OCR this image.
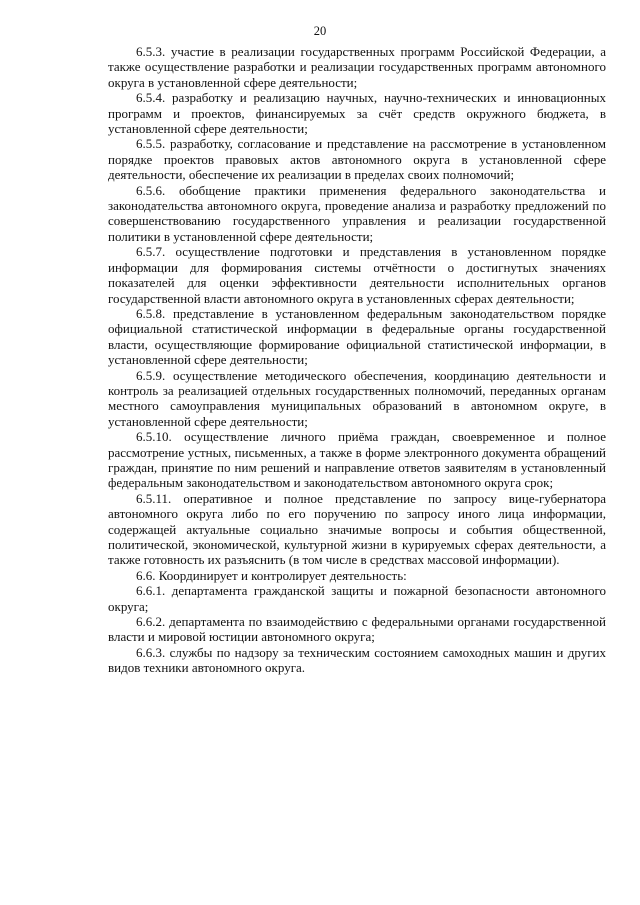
20

6.5.3. участие в реализации государственных программ Российской Федерации, а также осуществление разработки и реализации государственных программ автономного округа в установленной сфере деятельности;

6.5.4. разработку и реализацию научных, научно-технических и инновационных программ и проектов, финансируемых за счёт средств окружного бюджета, в установленной сфере деятельности;

6.5.5. разработку, согласование и представление на рассмотрение в установленном порядке проектов правовых актов автономного округа в установленной сфере деятельности, обеспечение их реализации в пределах своих полномочий;

6.5.6. обобщение практики применения федерального законодательства и законодательства автономного округа, проведение анализа и разработку предложений по совершенствованию государственного управления и реализации государственной политики в установленной сфере деятельности;

6.5.7. осуществление подготовки и представления в установленном порядке информации для формирования системы отчётности о достигнутых значениях показателей для оценки эффективности деятельности исполнительных органов государственной власти автономного округа в установленных сферах деятельности;

6.5.8. представление в установленном федеральным законодательством порядке официальной статистической информации в федеральные органы государственной власти, осуществляющие формирование официальной статистической информации, в установленной сфере деятельности;

6.5.9. осуществление методического обеспечения, координацию деятельности и контроль за реализацией отдельных государственных полномочий, переданных органам местного самоуправления муниципальных образований в автономном округе, в установленной сфере деятельности;

6.5.10. осуществление личного приёма граждан, своевременное и полное рассмотрение устных, письменных, а также в форме электронного документа обращений граждан, принятие по ним решений и направление ответов заявителям в установленный федеральным законодательством и законодательством автономного округа срок;

6.5.11. оперативное и полное представление по запросу вице-губернатора автономного округа либо по его поручению по запросу иного лица информации, содержащей актуальные социально значимые вопросы и события общественной, политической, экономической, культурной жизни в курируемых сферах деятельности, а также готовность их разъяснить (в том числе в средствах массовой информации).

6.6. Координирует и контролирует деятельность:

6.6.1. департамента гражданской защиты и пожарной безопасности автономного округа;

6.6.2. департамента по взаимодействию с федеральными органами государственной власти и мировой юстиции автономного округа;

6.6.3. службы по надзору за техническим состоянием самоходных машин и других видов техники автономного округа.
